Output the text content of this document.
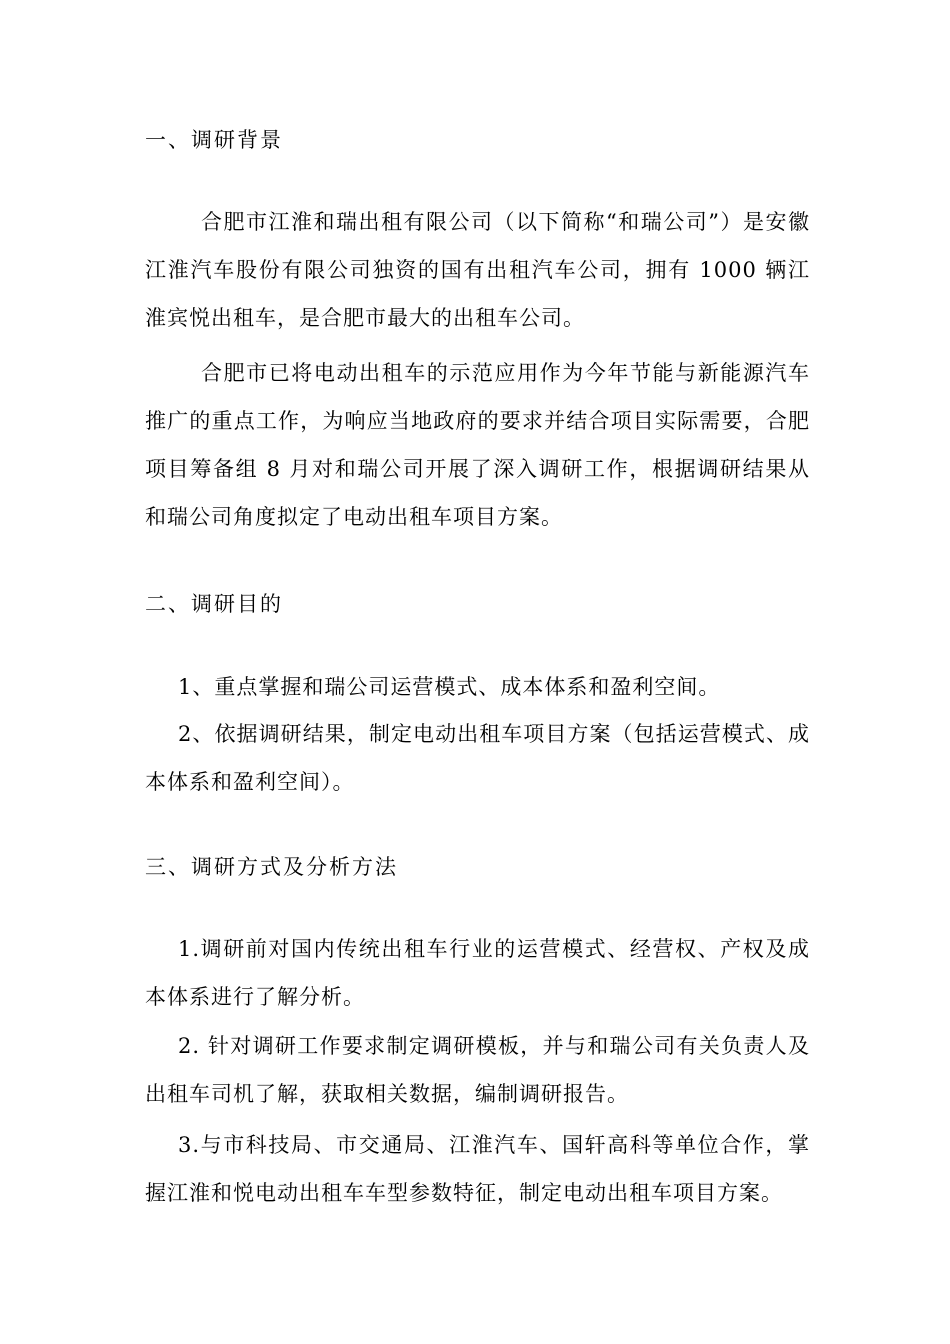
一、调研背景

合肥市江淮和瑞出租有限公司（以下简称“和瑞公司”）是安徽江淮汽车股份有限公司独资的国有出租汽车公司，拥有 1000 辆江淮宾悦出租车，是合肥市最大的出租车公司。

合肥市已将电动出租车的示范应用作为今年节能与新能源汽车推广的重点工作，为响应当地政府的要求并结合项目实际需要，合肥项目筹备组 8 月对和瑞公司开展了深入调研工作，根据调研结果从和瑞公司角度拟定了电动出租车项目方案。

二、调研目的

1、重点掌握和瑞公司运营模式、成本体系和盈利空间。

2、依据调研结果，制定电动出租车项目方案（包括运营模式、成本体系和盈利空间）。

三、调研方式及分析方法

1.调研前对国内传统出租车行业的运营模式、经营权、产权及成本体系进行了解分析。

2. 针对调研工作要求制定调研模板，并与和瑞公司有关负责人及出租车司机了解，获取相关数据，编制调研报告。

3.与市科技局、市交通局、江淮汽车、国轩高科等单位合作，掌握江淮和悦电动出租车车型参数特征，制定电动出租车项目方案。
